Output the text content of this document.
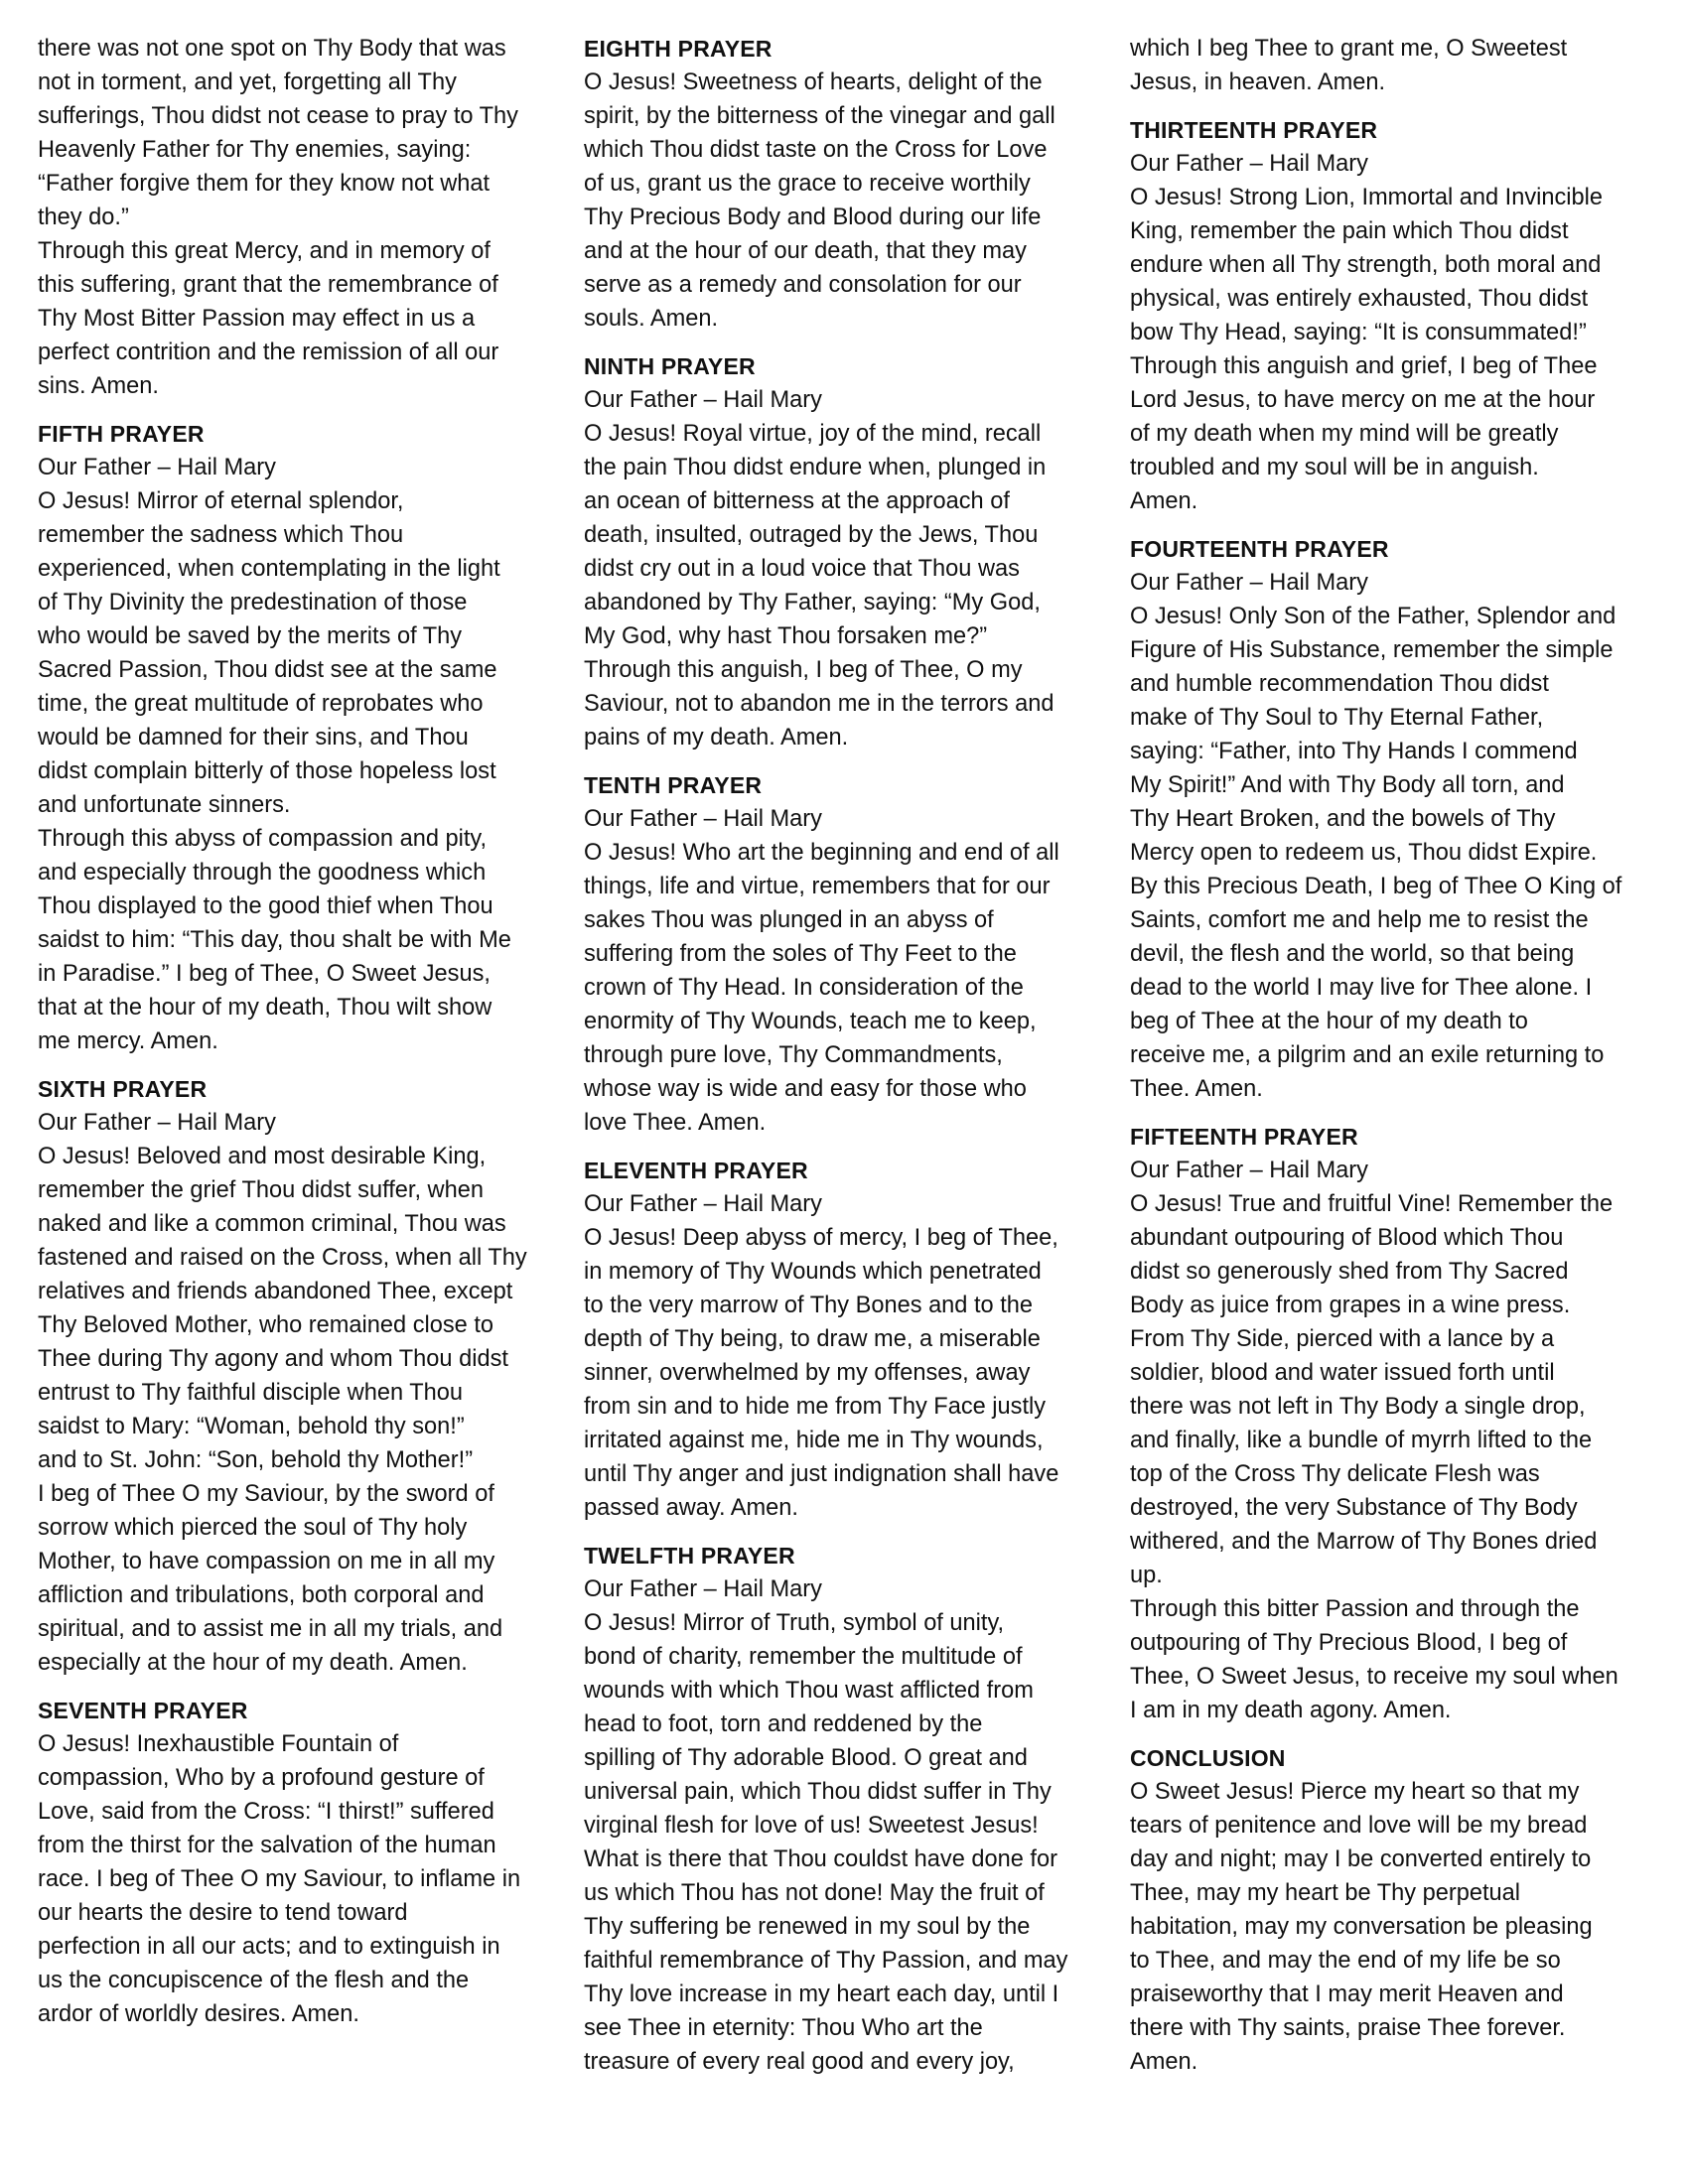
there was not one spot on Thy Body that was
not in torment, and yet, forgetting all Thy
sufferings, Thou didst not cease to pray to Thy
Heavenly Father for Thy enemies, saying:
“Father forgive them for they know not what
they do.”

Through this great Mercy, and in memory of
this suffering, grant that the remembrance of
Thy Most Bitter Passion may effect in us a
perfect contrition and the remission of all our
sins. Amen.

FIFTH PRAYER

Our Father – Hail Mary

O Jesus! Mirror of eternal splendor,
remember the sadness which Thou
experienced, when contemplating in the light
of Thy Divinity the predestination of those
who would be saved by the merits of Thy
Sacred Passion, Thou didst see at the same
time, the great multitude of reprobates who
would be damned for their sins, and Thou
didst complain bitterly of those hopeless lost
and unfortunate sinners.

Through this abyss of compassion and pity,
and especially through the goodness which
Thou displayed to the good thief when Thou
saidst to him: “This day, thou shalt be with Me
in Paradise.” I beg of Thee, O Sweet Jesus,
that at the hour of my death, Thou wilt show
me mercy. Amen.

SIXTH PRAYER

Our Father – Hail Mary

O Jesus! Beloved and most desirable King,
remember the grief Thou didst suffer, when
naked and like a common criminal, Thou was
fastened and raised on the Cross, when all Thy
relatives and friends abandoned Thee, except
Thy Beloved Mother, who remained close to
Thee during Thy agony and whom Thou didst
entrust to Thy faithful disciple when Thou
saidst to Mary: “Woman, behold thy son!”
and to St. John: “Son, behold thy Mother!”
I beg of Thee O my Saviour, by the sword of
sorrow which pierced the soul of Thy holy
Mother, to have compassion on me in all my
affliction and tribulations, both corporal and
spiritual, and to assist me in all my trials, and
especially at the hour of my death. Amen.

SEVENTH PRAYER

O Jesus! Inexhaustible Fountain of
compassion, Who by a profound gesture of
Love, said from the Cross: “I thirst!” suffered
from the thirst for the salvation of the human
race. I beg of Thee O my Saviour, to inflame in
our hearts the desire to tend toward
perfection in all our acts; and to extinguish in
us the concupiscence of the flesh and the
ardor of worldly desires. Amen.

EIGHTH PRAYER

O Jesus! Sweetness of hearts, delight of the
spirit, by the bitterness of the vinegar and gall
which Thou didst taste on the Cross for Love
of us, grant us the grace to receive worthily
Thy Precious Body and Blood during our life
and at the hour of our death, that they may
serve as a remedy and consolation for our
souls. Amen.

NINTH PRAYER

Our Father – Hail Mary

O Jesus! Royal virtue, joy of the mind, recall
the pain Thou didst endure when, plunged in
an ocean of bitterness at the approach of
death, insulted, outraged by the Jews, Thou
didst cry out in a loud voice that Thou was
abandoned by Thy Father, saying: “My God,
My God, why hast Thou forsaken me?”
Through this anguish, I beg of Thee, O my
Saviour, not to abandon me in the terrors and
pains of my death. Amen.

TENTH PRAYER

Our Father – Hail Mary

O Jesus! Who art the beginning and end of all
things, life and virtue, remembers that for our
sakes Thou was plunged in an abyss of
suffering from the soles of Thy Feet to the
crown of Thy Head. In consideration of the
enormity of Thy Wounds, teach me to keep,
through pure love, Thy Commandments,
whose way is wide and easy for those who
love Thee. Amen.

ELEVENTH PRAYER

Our Father – Hail Mary

O Jesus! Deep abyss of mercy, I beg of Thee,
in memory of Thy Wounds which penetrated
to the very marrow of Thy Bones and to the
depth of Thy being, to draw me, a miserable
sinner, overwhelmed by my offenses, away
from sin and to hide me from Thy Face justly
irritated against me, hide me in Thy wounds,
until Thy anger and just indignation shall have
passed away. Amen.

TWELFTH PRAYER

Our Father – Hail Mary

O Jesus! Mirror of Truth, symbol of unity,
bond of charity, remember the multitude of
wounds with which Thou wast afflicted from
head to foot, torn and reddened by the
spilling of Thy adorable Blood. O great and
universal pain, which Thou didst suffer in Thy
virginal flesh for love of us! Sweetest Jesus!
What is there that Thou couldst have done for
us which Thou has not done! May the fruit of
Thy suffering be renewed in my soul by the
faithful remembrance of Thy Passion, and may
Thy love increase in my heart each day, until I
see Thee in eternity: Thou Who art the
treasure of every real good and every joy,

which I beg Thee to grant me, O Sweetest
Jesus, in heaven. Amen.

THIRTEENTH PRAYER

Our Father – Hail Mary

O Jesus! Strong Lion, Immortal and Invincible
King, remember the pain which Thou didst
endure when all Thy strength, both moral and
physical, was entirely exhausted, Thou didst
bow Thy Head, saying: “It is consummated!”
Through this anguish and grief, I beg of Thee
Lord Jesus, to have mercy on me at the hour
of my death when my mind will be greatly
troubled and my soul will be in anguish.
Amen.

FOURTEENTH PRAYER

Our Father – Hail Mary

O Jesus! Only Son of the Father, Splendor and
Figure of His Substance, remember the simple
and humble recommendation Thou didst
make of Thy Soul to Thy Eternal Father,
saying: “Father, into Thy Hands I commend
My Spirit!” And with Thy Body all torn, and
Thy Heart Broken, and the bowels of Thy
Mercy open to redeem us, Thou didst Expire.
By this Precious Death, I beg of Thee O King of
Saints, comfort me and help me to resist the
devil, the flesh and the world, so that being
dead to the world I may live for Thee alone. I
beg of Thee at the hour of my death to
receive me, a pilgrim and an exile returning to
Thee. Amen.

FIFTEENTH PRAYER

Our Father – Hail Mary

O Jesus! True and fruitful Vine! Remember the
abundant outpouring of Blood which Thou
didst so generously shed from Thy Sacred
Body as juice from grapes in a wine press.
From Thy Side, pierced with a lance by a
soldier, blood and water issued forth until
there was not left in Thy Body a single drop,
and finally, like a bundle of myrrh lifted to the
top of the Cross Thy delicate Flesh was
destroyed, the very Substance of Thy Body
withered, and the Marrow of Thy Bones dried
up.

Through this bitter Passion and through the
outpouring of Thy Precious Blood, I beg of
Thee, O Sweet Jesus, to receive my soul when
I am in my death agony. Amen.

CONCLUSION

O Sweet Jesus! Pierce my heart so that my
tears of penitence and love will be my bread
day and night; may I be converted entirely to
Thee, may my heart be Thy perpetual
habitation, may my conversation be pleasing
to Thee, and may the end of my life be so
praiseworthy that I may merit Heaven and
there with Thy saints, praise Thee forever.
Amen.
